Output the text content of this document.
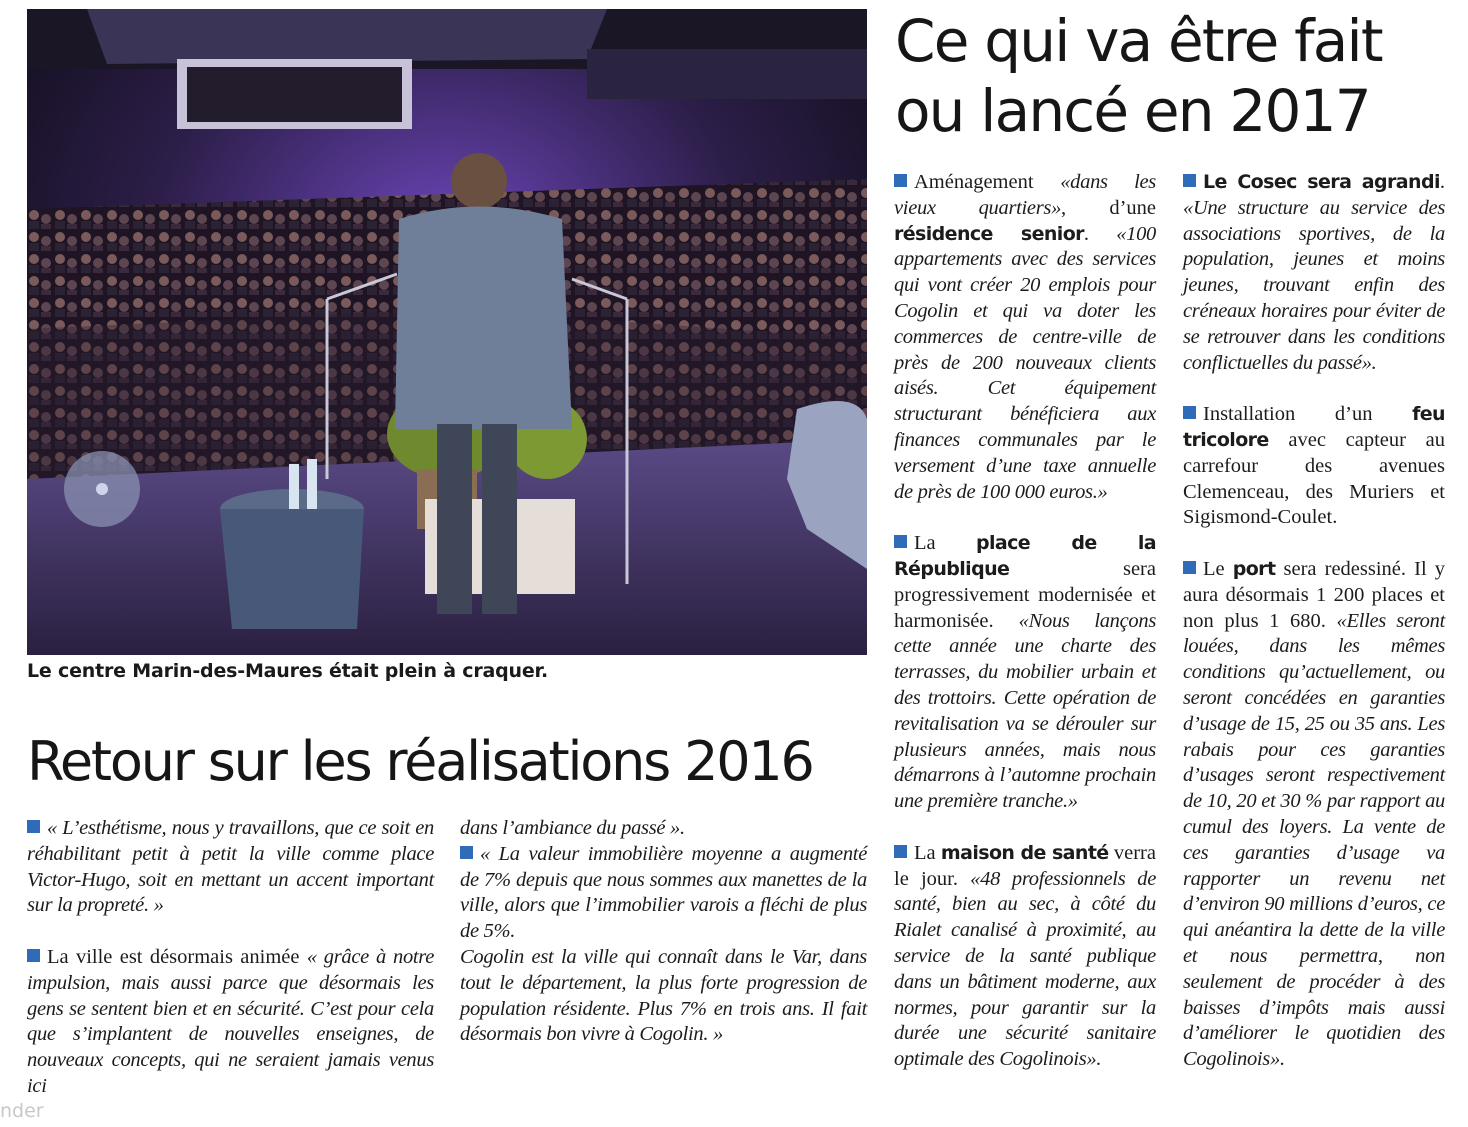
Le centre Marin-des-Maures était plein à craquer.
Retour sur les réalisations 2016

« L’esthétisme, nous y travaillons, que ce soit en réhabilitant petit à petit la ville comme place Victor-Hugo, soit en mettant un accent important sur la propreté. »

La ville est désormais animée « grâce à notre impulsion, mais aussi parce que désormais les gens se sentent bien et en sécurité. C’est pour cela que s’implantent de nouvelles enseignes, de nouveaux concepts, qui ne seraient jamais venus ici

dans l’ambiance du passé ».

« La valeur immobilière moyenne a augmenté de 7% depuis que nous sommes aux manettes de la ville, alors que l’immobilier varois a fléchi de plus de 5%.

Cogolin est la ville qui connaît dans le Var, dans tout le département, la plus forte progression de population résidente. Plus 7% en trois ans. Il fait désormais bon vivre à Cogolin. »

Ce qui va être fait
ou lancé en 2017

Aménagement «dans les vieux quartiers», d’une résidence senior. «100 appartements avec des services qui vont créer 20 emplois pour Cogolin et qui va doter les commerces de centre-ville de près de 200 nouveaux clients aisés. Cet équipement structurant bénéficiera aux finances communales par le versement d’une taxe annuelle de près de 100 000 euros.»

La place de la République sera progressivement modernisée et harmonisée. «Nous lançons cette année une charte des terrasses, du mobilier urbain et des trottoirs. Cette opération de revitalisation va se dérouler sur plusieurs années, mais nous démarrons à l’automne prochain une première tranche.»

La maison de santé verra le jour. «48 professionnels de santé, bien au sec, à côté du Rialet canalisé à proximité, au service de la santé publique dans un bâtiment moderne, aux normes, pour garantir sur la durée une sécurité sanitaire optimale des Cogolinois».

Le Cosec sera agrandi. «Une structure au service des associations sportives, de la population, jeunes et moins jeunes, trouvant enfin des créneaux horaires pour éviter de se retrouver dans les conditions conflictuelles du passé».

Installation d’un feu tricolore avec capteur au carrefour des avenues Clemenceau, des Muriers et Sigismond-Coulet.

Le port sera redessiné. Il y aura désormais 1 200 places et non plus 1 680. «Elles seront louées, dans les mêmes conditions qu’actuellement, ou seront concédées en garanties d’usage de 15, 25 ou 35 ans. Les rabais pour ces garanties d’usages seront respectivement de 10, 20 et 30 % par rapport au cumul des loyers. La vente de ces garanties d’usage va rapporter un revenu net d’environ 90 millions d’euros, ce qui anéantira la dette de la ville et nous permettra, non seulement de procéder à des baisses d’impôts mais aussi d’améliorer le quotidien des Cogolinois».

nder
